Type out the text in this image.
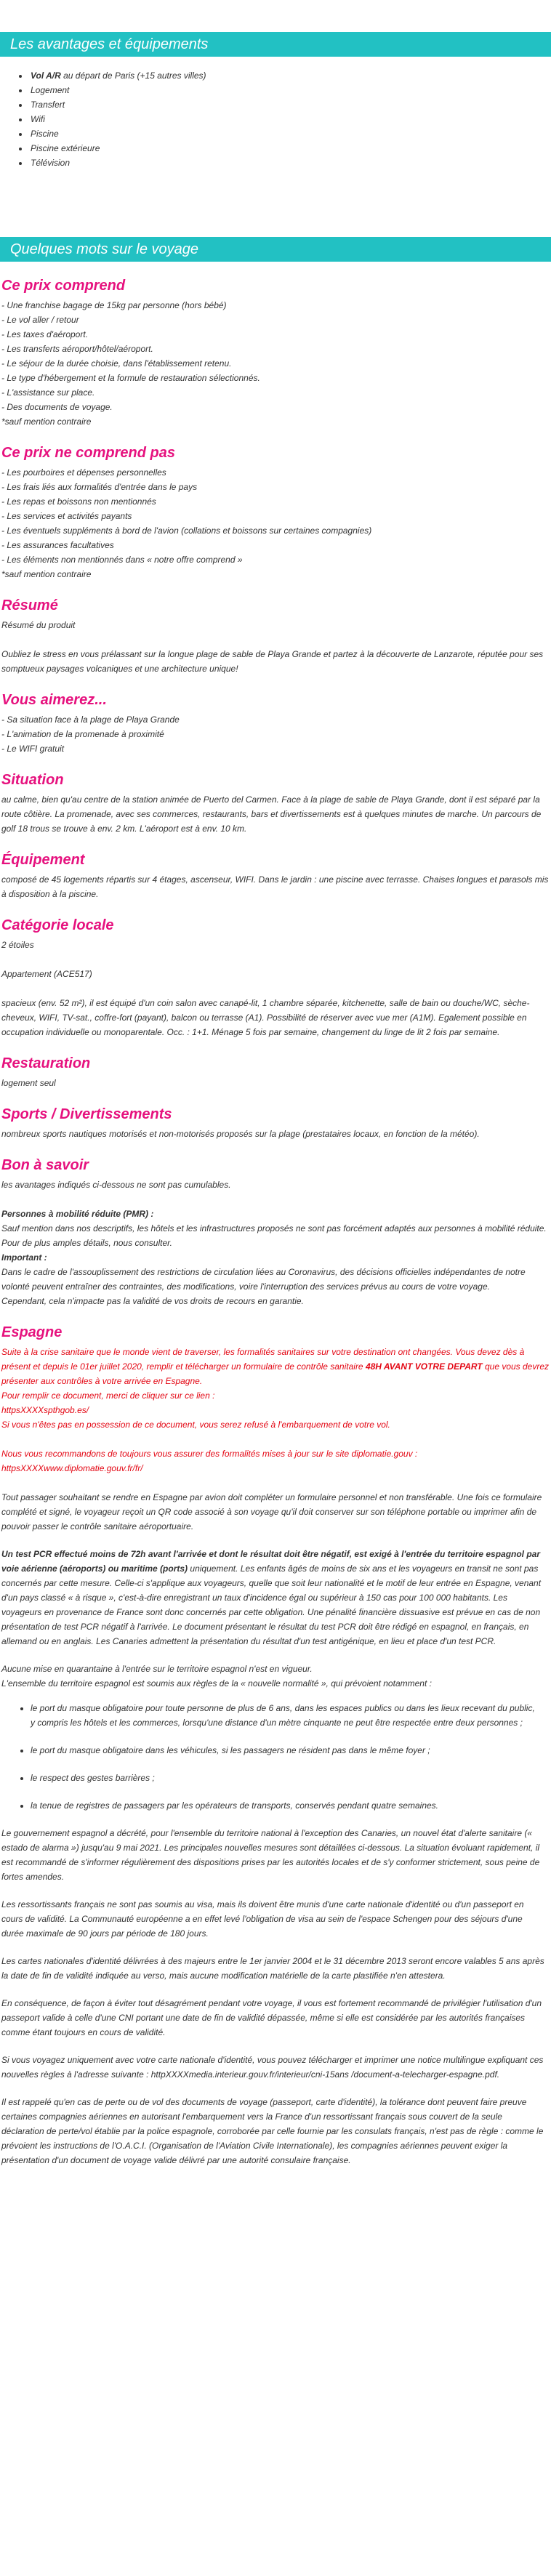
Les avantages et équipements
• Vol A/R au départ de Paris (+15 autres villes)
• Logement
• Transfert
• Wifi
• Piscine
• Piscine extérieure
• Télévision
Quelques mots sur le voyage
Ce prix comprend
- Une franchise bagage de 15kg par personne (hors bébé)
- Le vol aller / retour
- Les taxes d'aéroport.
- Les transferts aéroport/hôtel/aéroport.
- Le séjour de la durée choisie, dans l'établissement retenu.
- Le type d'hébergement et la formule de restauration sélectionnés.
- L'assistance sur place.
- Des documents de voyage.
*sauf mention contraire
Ce prix ne comprend pas
- Les pourboires et dépenses personnelles
- Les frais liés aux formalités d'entrée dans le pays
- Les repas et boissons non mentionnés
- Les services et activités payants
- Les éventuels suppléments à bord de l'avion (collations et boissons sur certaines compagnies)
- Les assurances facultatives
- Les éléments non mentionnés dans « notre offre comprend »
*sauf mention contraire
Résumé

Résumé du produit

Oubliez le stress en vous prélassant sur la longue plage de sable de Playa Grande et partez à la découverte de Lanzarote, réputée pour ses somptueux paysages volcaniques et une architecture unique!

Vous aimerez...
- Sa situation face à la plage de Playa Grande
- L'animation de la promenade à proximité
- Le WIFI gratuit
Situation

au calme, bien qu'au centre de la station animée de Puerto del Carmen. Face à la plage de sable de Playa Grande, dont il est séparé par la route côtière. La promenade, avec ses commerces, restaurants, bars et divertissements est à quelques minutes de marche. Un parcours de golf 18 trous se trouve à env. 2 km. L'aéroport est à env. 10 km.

Équipement

composé de 45 logements répartis sur 4 étages, ascenseur, WIFI. Dans le jardin : une piscine avec terrasse. Chaises longues et parasols mis à disposition à la piscine.

Catégorie locale

2 étoiles

Appartement (ACE517)

spacieux (env. 52 m²), il est équipé d'un coin salon avec canapé-lit, 1 chambre séparée, kitchenette, salle de bain ou douche/WC, sèche-cheveux, WIFI, TV-sat., coffre-fort (payant), balcon ou terrasse (A1). Possibilité de réserver avec vue mer (A1M). Egalement possible en occupation individuelle ou monoparentale. Occ. : 1+1. Ménage 5 fois par semaine, changement du linge de lit 2 fois par semaine.

Restauration

logement seul

Sports / Divertissements

nombreux sports nautiques motorisés et non-motorisés proposés sur la plage (prestataires locaux, en fonction de la météo).

Bon à savoir

les avantages indiqués ci-dessous ne sont pas cumulables.

Personnes à mobilité réduite (PMR) :

Sauf mention dans nos descriptifs, les hôtels et les infrastructures proposés ne sont pas forcément adaptés aux personnes à mobilité réduite. Pour de plus amples détails, nous consulter.

Important :

Dans le cadre de l'assouplissement des restrictions de circulation liées au Coronavirus, des décisions officielles indépendantes de notre volonté peuvent entraîner des contraintes, des modifications, voire l'interruption des services prévus au cours de votre voyage.

Cependant, cela n'impacte pas la validité de vos droits de recours en garantie.

Espagne

Suite à la crise sanitaire que le monde vient de traverser, les formalités sanitaires sur votre destination ont changées. Vous devez dès à présent et depuis le 01er juillet 2020, remplir et télécharger un formulaire de contrôle sanitaire 48H AVANT VOTRE DEPART que vous devrez présenter aux contrôles à votre arrivée en Espagne.

Pour remplir ce document, merci de cliquer sur ce lien :

httpsXXXXspthgob.es/

Si vous n'êtes pas en possession de ce document, vous serez refusé à l'embarquement de votre vol.

Nous vous recommandons de toujours vous assurer des formalités mises à jour sur le site diplomatie.gouv : httpsXXXXwww.diplomatie.gouv.fr/fr/

Tout passager souhaitant se rendre en Espagne par avion doit compléter un formulaire personnel et non transférable. Une fois ce formulaire complété et signé, le voyageur reçoit un QR code associé à son voyage qu'il doit conserver sur son téléphone portable ou imprimer afin de pouvoir passer le contrôle sanitaire aéroportuaire.

Un test PCR effectué moins de 72h avant l'arrivée et dont le résultat doit être négatif, est exigé à l'entrée du territoire espagnol par voie aérienne (aéroports) ou maritime (ports) uniquement. Les enfants âgés de moins de six ans et les voyageurs en transit ne sont pas concernés par cette mesure. Celle-ci s'applique aux voyageurs, quelle que soit leur nationalité et le motif de leur entrée en Espagne, venant d'un pays classé « à risque », c'est-à-dire enregistrant un taux d'incidence égal ou supérieur à 150 cas pour 100 000 habitants. Les voyageurs en provenance de France sont donc concernés par cette obligation. Une pénalité financière dissuasive est prévue en cas de non présentation de test PCR négatif à l'arrivée. Le document présentant le résultat du test PCR doit être rédigé en espagnol, en français, en allemand ou en anglais. Les Canaries admettent la présentation du résultat d'un test antigénique, en lieu et place d'un test PCR.

Aucune mise en quarantaine à l'entrée sur le territoire espagnol n'est en vigueur.

L'ensemble du territoire espagnol est soumis aux règles de la « nouvelle normalité », qui prévoient notamment :

• le port du masque obligatoire pour toute personne de plus de 6 ans, dans les espaces publics ou dans les lieux recevant du public, y compris les hôtels et les commerces, lorsqu'une distance d'un mètre cinquante ne peut être respectée entre deux personnes ;
• le port du masque obligatoire dans les véhicules, si les passagers ne résident pas dans le même foyer ;
• le respect des gestes barrières ;
• la tenue de registres de passagers par les opérateurs de transports, conservés pendant quatre semaines.

Le gouvernement espagnol a décrété, pour l'ensemble du territoire national à l'exception des Canaries, un nouvel état d'alerte sanitaire (« estado de alarma ») jusqu'au 9 mai 2021. Les principales nouvelles mesures sont détaillées ci-dessous. La situation évoluant rapidement, il est recommandé de s'informer régulièrement des dispositions prises par les autorités locales et de s'y conformer strictement, sous peine de fortes amendes.

Les ressortissants français ne sont pas soumis au visa, mais ils doivent être munis d'une carte nationale d'identité ou d'un passeport en cours de validité. La Communauté européenne a en effet levé l'obligation de visa au sein de l'espace Schengen pour des séjours d'une durée maximale de 90 jours par période de 180 jours.

Les cartes nationales d'identité délivrées à des majeurs entre le 1er janvier 2004 et le 31 décembre 2013 seront encore valables 5 ans après la date de fin de validité indiquée au verso, mais aucune modification matérielle de la carte plastifiée n'en attestera.

En conséquence, de façon à éviter tout désagrément pendant votre voyage, il vous est fortement recommandé de privilégier l'utilisation d'un passeport valide à celle d'une CNI portant une date de fin de validité dépassée, même si elle est considérée par les autorités françaises comme étant toujours en cours de validité.

Si vous voyagez uniquement avec votre carte nationale d'identité, vous pouvez télécharger et imprimer une notice multilingue expliquant ces nouvelles règles à l'adresse suivante : httpXXXXmedia.interieur.gouv.fr/interieur/cni-15ans /document-a-telecharger-espagne.pdf.

Il est rappelé qu'en cas de perte ou de vol des documents de voyage (passeport, carte d'identité), la tolérance dont peuvent faire preuve certaines compagnies aériennes en autorisant l'embarquement vers la France d'un ressortissant français sous couvert de la seule déclaration de perte/vol établie par la police espagnole, corroborée par celle fournie par les consulats français, n'est pas de règle : comme le prévoient les instructions de l'O.A.C.I. (Organisation de l'Aviation Civile Internationale), les compagnies aériennes peuvent exiger la présentation d'un document de voyage valide délivré par une autorité consulaire française.
